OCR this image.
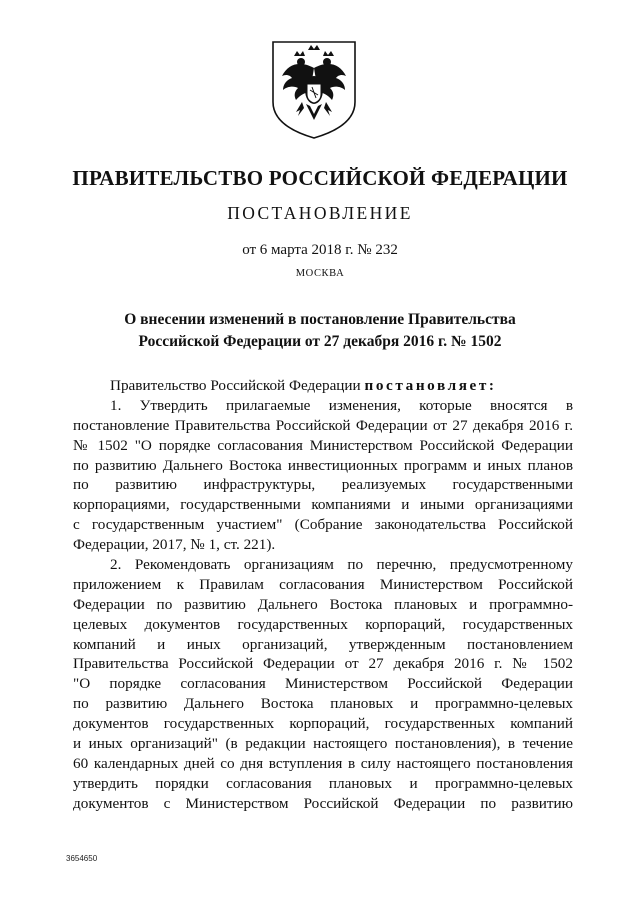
ПРАВИТЕЛЬСТВО РОССИЙСКОЙ ФЕДЕРАЦИИ
ПОСТАНОВЛЕНИЕ
от 6 марта 2018 г. № 232
МОСКВА
О внесении изменений в постановление Правительства
Российской Федерации от 27 декабря 2016 г. № 1502
Правительство Российской Федерации постановляет:
1. Утвердить прилагаемые изменения, которые вносятся в
постановление Правительства Российской Федерации от 27 декабря 2016 г.
№ 1502 "О порядке согласования Министерством Российской Федерации
по развитию Дальнего Востока инвестиционных программ и иных планов
по развитию инфраструктуры, реализуемых государственными
корпорациями, государственными компаниями и иными организациями
с государственным участием" (Собрание законодательства Российской
Федерации, 2017, № 1, ст. 221).
2. Рекомендовать организациям по перечню, предусмотренному
приложением к Правилам согласования Министерством Российской
Федерации по развитию Дальнего Востока плановых и программно-
целевых документов государственных корпораций, государственных
компаний и иных организаций, утвержденным постановлением
Правительства Российской Федерации от 27 декабря 2016 г. № 1502
"О порядке согласования Министерством Российской Федерации
по развитию Дальнего Востока плановых и программно-целевых
документов государственных корпораций, государственных компаний
и иных организаций" (в редакции настоящего постановления), в течение
60 календарных дней со дня вступления в силу настоящего постановления
утвердить порядки согласования плановых и программно-целевых
документов с Министерством Российской Федерации по развитию
3654650
